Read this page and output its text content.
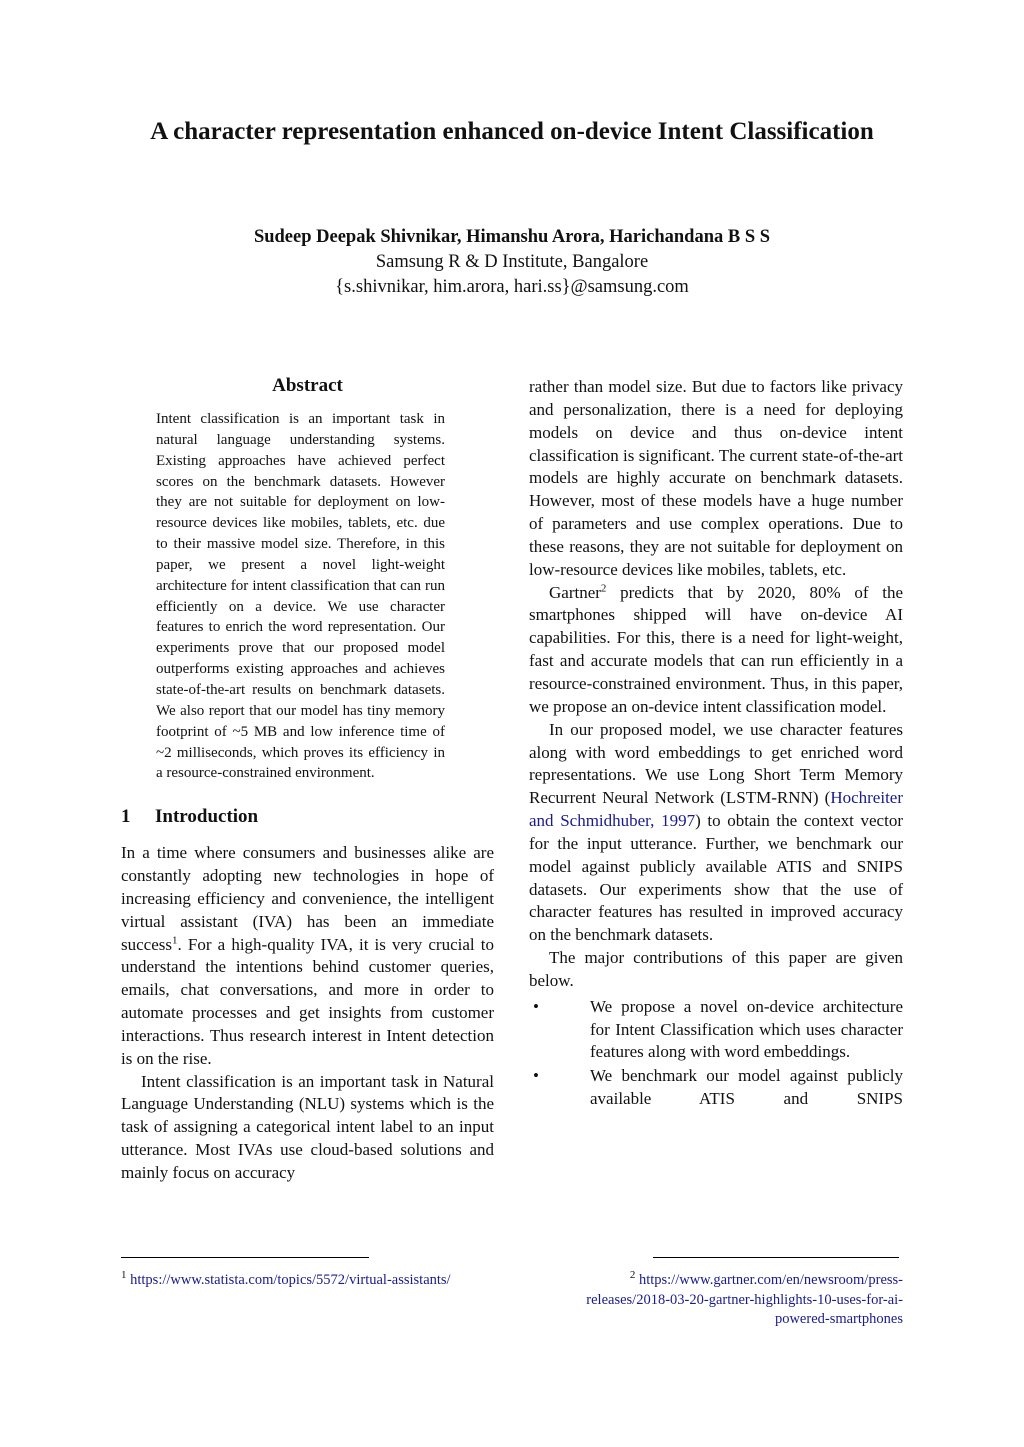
A character representation enhanced on-device Intent Classification
Sudeep Deepak Shivnikar, Himanshu Arora, Harichandana B S S
Samsung R & D Institute, Bangalore
{s.shivnikar, him.arora, hari.ss}@samsung.com
Abstract

Intent classification is an important task in natural language understanding systems. Existing approaches have achieved perfect scores on the benchmark datasets. However they are not suitable for deployment on low-resource devices like mobiles, tablets, etc. due to their massive model size. Therefore, in this paper, we present a novel light-weight architecture for intent classification that can run efficiently on a device. We use character features to enrich the word representation. Our experiments prove that our proposed model outperforms existing approaches and achieves state-of-the-art results on benchmark datasets. We also report that our model has tiny memory footprint of ~5 MB and low inference time of ~2 milliseconds, which proves its efficiency in a resource-constrained environment.

1 Introduction

In a time where consumers and businesses alike are constantly adopting new technologies in hope of increasing efficiency and convenience, the intelligent virtual assistant (IVA) has been an immediate success$^1$. For a high-quality IVA, it is very crucial to understand the intentions behind customer queries, emails, chat conversations, and more in order to automate processes and get insights from customer interactions. Thus research interest in Intent detection is on the rise.

Intent classification is an important task in Natural Language Understanding (NLU) systems which is the task of assigning a categorical intent label to an input utterance. Most IVAs use cloud-based solutions and mainly focus on accuracy

rather than model size. But due to factors like privacy and personalization, there is a need for deploying models on device and thus on-device intent classification is significant. The current state-of-the-art models are highly accurate on benchmark datasets. However, most of these models have a huge number of parameters and use complex operations. Due to these reasons, they are not suitable for deployment on low-resource devices like mobiles, tablets, etc.

Gartner$^2$ predicts that by 2020, 80% of the smartphones shipped will have on-device AI capabilities. For this, there is a need for light-weight, fast and accurate models that can run efficiently in a resource-constrained environment. Thus, in this paper, we propose an on-device intent classification model.

In our proposed model, we use character features along with word embeddings to get enriched word representations. We use Long Short Term Memory Recurrent Neural Network (LSTM-RNN) (Hochreiter and Schmidhuber, 1997) to obtain the context vector for the input utterance. Further, we benchmark our model against publicly available ATIS and SNIPS datasets. Our experiments show that the use of character features has resulted in improved accuracy on the benchmark datasets.

The major contributions of this paper are given below.

•	We propose a novel on-device architecture for Intent Classification which uses character features along with word embeddings.
•	We benchmark our model against publicly available ATIS and SNIPS
$^1$ https://www.statista.com/topics/5572/virtual-assistants/	$^2$ https://www.gartner.com/en/newsroom/press-
releases/2018-03-20-gartner-highlights-10-uses-for-ai-
powered-smartphones
